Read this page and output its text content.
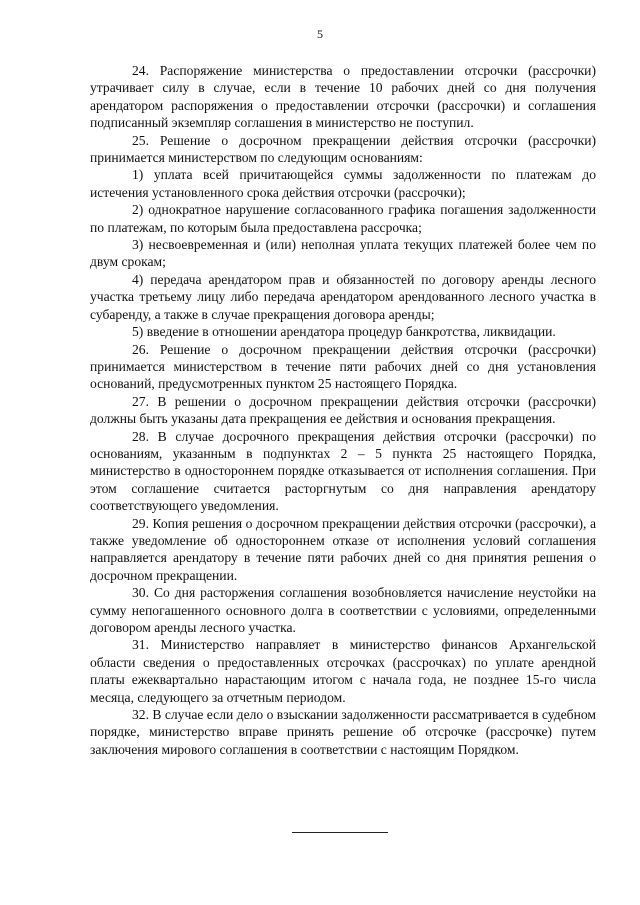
5

24. Распоряжение министерства о предоставлении отсрочки (рассрочки) утрачивает силу в случае, если в течение 10 рабочих дней со дня получения арендатором распоряжения о предоставлении отсрочки (рассрочки) и соглашения подписанный экземпляр соглашения в министерство не поступил.

25. Решение о досрочном прекращении действия отсрочки (рассрочки) принимается министерством по следующим основаниям:

1) уплата всей причитающейся суммы задолженности по платежам до истечения установленного срока действия отсрочки (рассрочки);

2) однократное нарушение согласованного графика погашения задолженности по платежам, по которым была предоставлена рассрочка;

3) несвоевременная и (или) неполная уплата текущих платежей более чем по двум срокам;

4) передача арендатором прав и обязанностей по договору аренды лесного участка третьему лицу либо передача арендатором арендованного лесного участка в субаренду, а также в случае прекращения договора аренды;

5) введение в отношении арендатора процедур банкротства, ликвидации.

26. Решение о досрочном прекращении действия отсрочки (рассрочки) принимается министерством в течение пяти рабочих дней со дня установления оснований, предусмотренных пунктом 25 настоящего Порядка.

27. В решении о досрочном прекращении действия отсрочки (рассрочки) должны быть указаны дата прекращения ее действия и основания прекращения.

28. В случае досрочного прекращения действия отсрочки (рассрочки) по основаниям, указанным в подпунктах 2 – 5 пункта 25 настоящего Порядка, министерство в одностороннем порядке отказывается от исполнения соглашения. При этом соглашение считается расторгнутым со дня направления арендатору соответствующего уведомления.

29. Копия решения о досрочном прекращении действия отсрочки (рассрочки), а также уведомление об одностороннем отказе от исполнения условий соглашения направляется арендатору в течение пяти рабочих дней со дня принятия решения о досрочном прекращении.

30. Со дня расторжения соглашения возобновляется начисление неустойки на сумму непогашенного основного долга в соответствии с условиями, определенными договором аренды лесного участка.

31. Министерство направляет в министерство финансов Архангельской области сведения о предоставленных отсрочках (рассрочках) по уплате арендной платы ежеквартально нарастающим итогом с начала года, не позднее 15-го числа месяца, следующего за отчетным периодом.

32. В случае если дело о взыскании задолженности рассматривается в судебном порядке, министерство вправе принять решение об отсрочке (рассрочке) путем заключения мирового соглашения в соответствии с настоящим Порядком.
